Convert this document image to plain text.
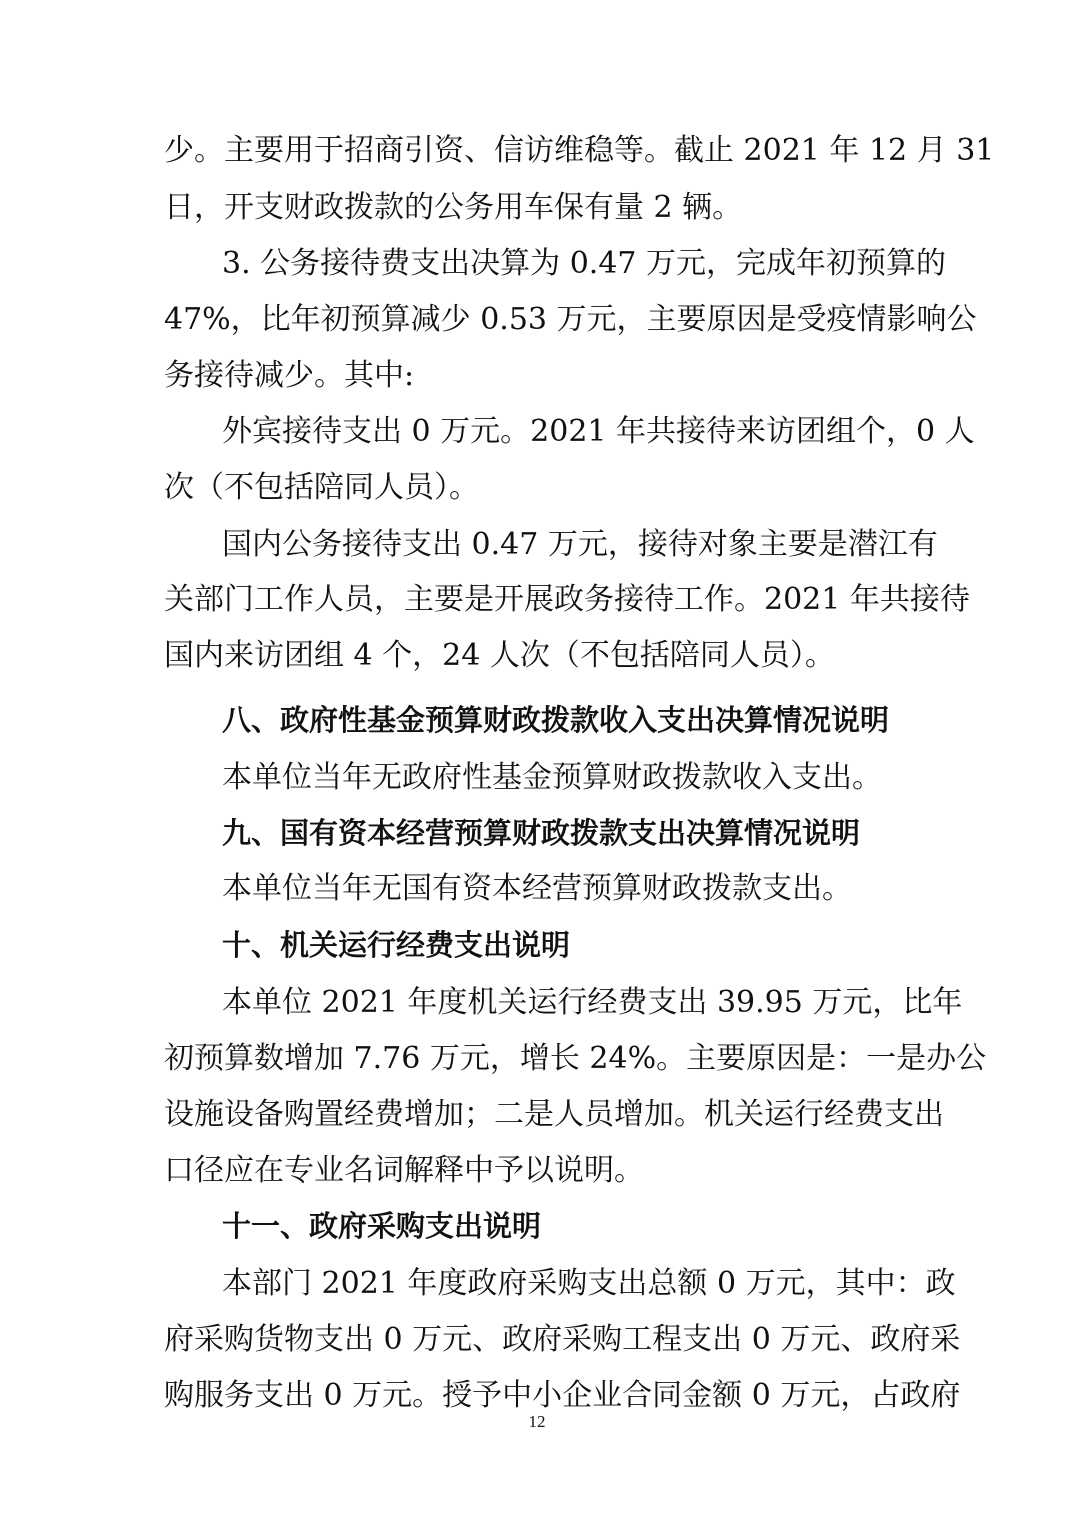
少。主要用于招商引资、信访维稳等。截止 2021 年 12 月 31
日，开支财政拨款的公务用车保有量 2 辆。
3. 公务接待费支出决算为 0.47 万元，完成年初预算的
47%，比年初预算减少 0.53 万元，主要原因是受疫情影响公
务接待减少。其中:
外宾接待支出 0 万元。2021 年共接待来访团组个，0 人
次（不包括陪同人员）。
国内公务接待支出 0.47 万元，接待对象主要是潜江有
关部门工作人员，主要是开展政务接待工作。2021 年共接待
国内来访团组 4 个，24 人次（不包括陪同人员）。
八、政府性基金预算财政拨款收入支出决算情况说明
本单位当年无政府性基金预算财政拨款收入支出。
九、国有资本经营预算财政拨款支出决算情况说明
本单位当年无国有资本经营预算财政拨款支出。
十、机关运行经费支出说明
本单位 2021 年度机关运行经费支出 39.95 万元，比年
初预算数增加 7.76 万元，增长 24%。主要原因是：一是办公
设施设备购置经费增加；二是人员增加。机关运行经费支出
口径应在专业名词解释中予以说明。
十一、政府采购支出说明
本部门 2021 年度政府采购支出总额 0 万元，其中：政
府采购货物支出 0 万元、政府采购工程支出 0 万元、政府采
购服务支出 0 万元。授予中小企业合同金额 0 万元，占政府
12
